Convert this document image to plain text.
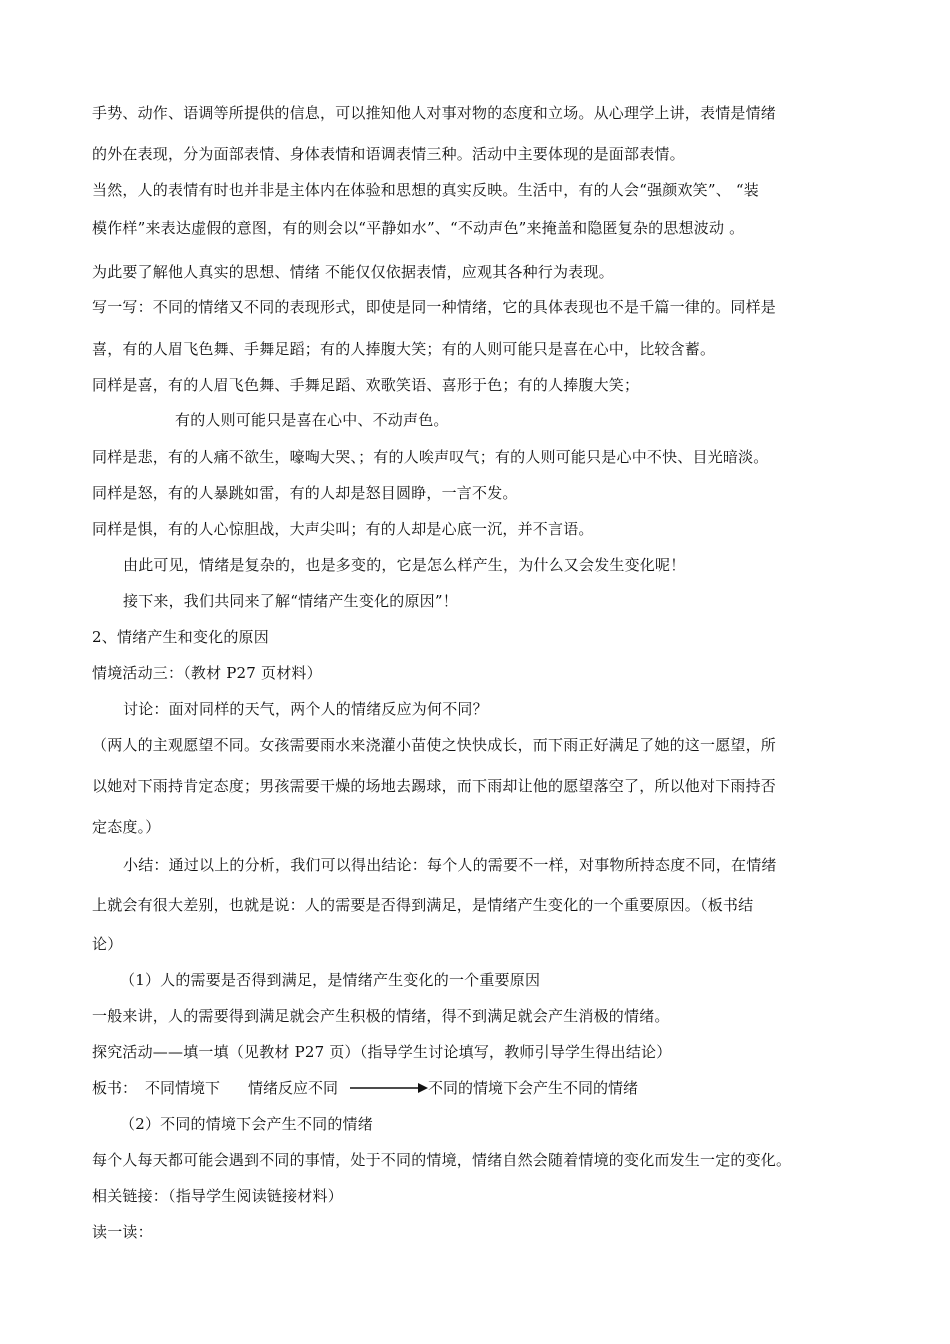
手势、动作、语调等所提供的信息，可以推知他人对事对物的态度和立场。从心理学上讲，表情是情绪
的外在表现，分为面部表情、身体表情和语调表情三种。活动中主要体现的是面部表情。
当然，人的表情有时也并非是主体内在体验和思想的真实反映。生活中，有的人会“强颜欢笑”、 “装
模作样”来表达虚假的意图，有的则会以“平静如水”、“不动声色”来掩盖和隐匿复杂的思想波动 。
为此要了解他人真实的思想、情绪 不能仅仅依据表情，应观其各种行为表现。
写一写：不同的情绪又不同的表现形式，即使是同一种情绪，它的具体表现也不是千篇一律的。同样是
喜，有的人眉飞色舞、手舞足蹈；有的人捧腹大笑；有的人则可能只是喜在心中，比较含蓄。
同样是喜，有的人眉飞色舞、手舞足蹈、欢歌笑语、喜形于色；有的人捧腹大笑；
有的人则可能只是喜在心中、不动声色。
同样是悲，有的人痛不欲生，嚎啕大哭、；有的人唉声叹气；有的人则可能只是心中不快、目光暗淡。
同样是怒，有的人暴跳如雷，有的人却是怒目圆睁，一言不发。
同样是惧，有的人心惊胆战，大声尖叫；有的人却是心底一沉，并不言语。
由此可见，情绪是复杂的，也是多变的，它是怎么样产生，为什么又会发生变化呢！
接下来，我们共同来了解“情绪产生变化的原因”！
2、情绪产生和变化的原因
情境活动三：（教材 P27 页材料）
讨论：面对同样的天气，两个人的情绪反应为何不同？
（两人的主观愿望不同。女孩需要雨水来浇灌小苗使之快快成长，而下雨正好满足了她的这一愿望，所
以她对下雨持肯定态度；男孩需要干燥的场地去踢球，而下雨却让他的愿望落空了，所以他对下雨持否
定态度。）
小结：通过以上的分析，我们可以得出结论：每个人的需要不一样，对事物所持态度不同，在情绪
上就会有很大差别，也就是说：人的需要是否得到满足，是情绪产生变化的一个重要原因。（板书结
论）
（1）人的需要是否得到满足，是情绪产生变化的一个重要原因
一般来讲，人的需要得到满足就会产生积极的情绪，得不到满足就会产生消极的情绪。
探究活动——填一填（见教材 P27 页）（指导学生讨论填写，教师引导学生得出结论）
板书： 不同情境下 情绪反应不同	不同的情境下会产生不同的情绪
（2）不同的情境下会产生不同的情绪
每个人每天都可能会遇到不同的事情，处于不同的情境，情绪自然会随着情境的变化而发生一定的变化。
相关链接：（指导学生阅读链接材料）
读一读：
